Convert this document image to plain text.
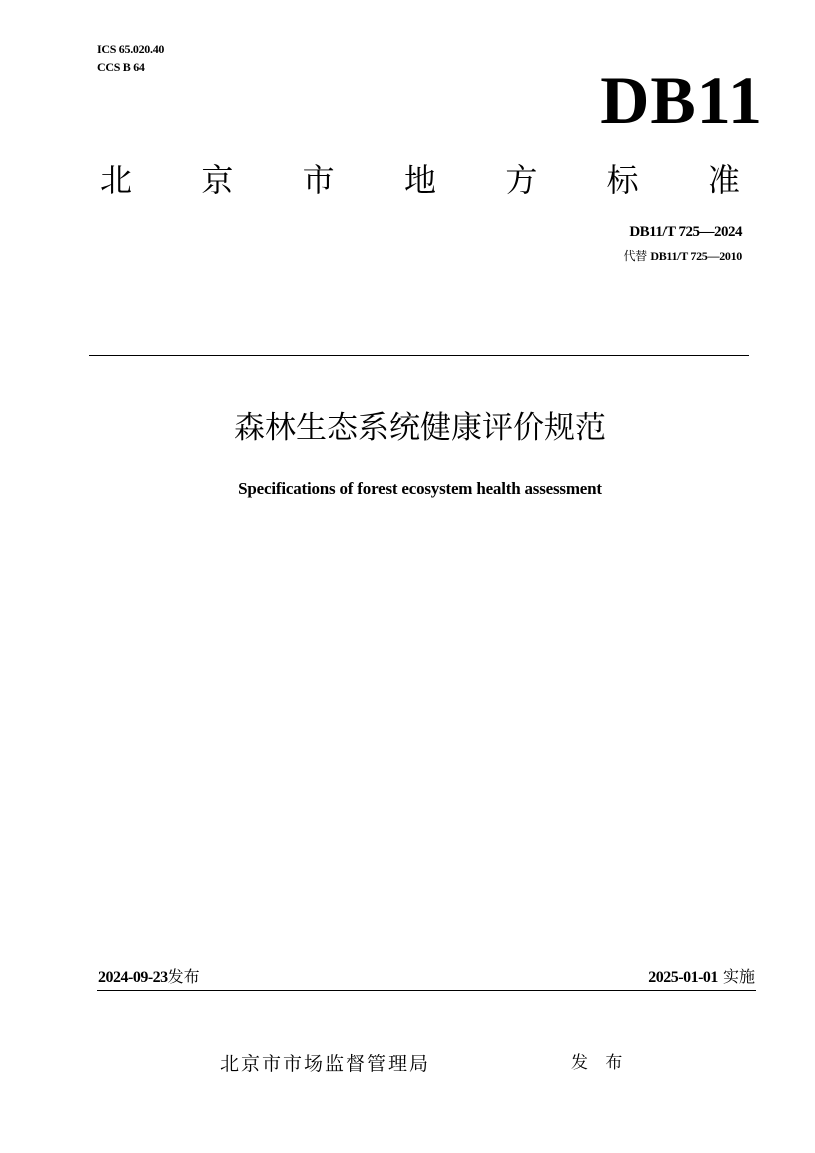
ICS 65.020.40
CCS B 64	DB11
北 京 市 地 方 标 准
DB11/T 725—2024
代替 DB11/T 725—2010
森林生态系统健康评价规范
Specifications of forest ecosystem health assessment
2024-09-23发布	2025-01-01 实施
北京市市场监督管理局	发 布
